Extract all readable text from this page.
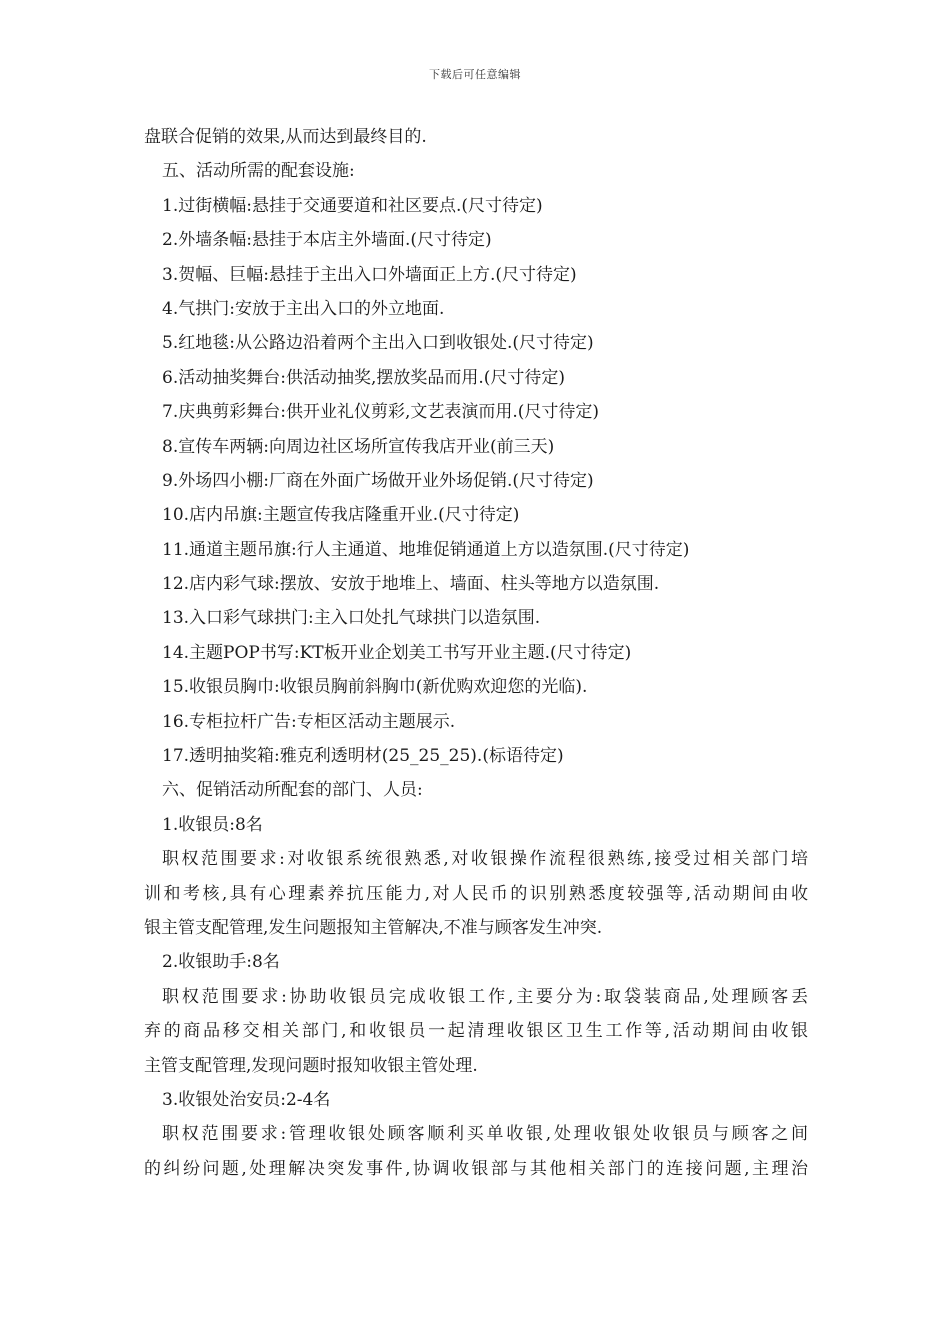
下载后可任意编辑
盘联合促销的效果,从而达到最终目的.
五、活动所需的配套设施:
1.过街横幅:悬挂于交通要道和社区要点.(尺寸待定)
2.外墙条幅:悬挂于本店主外墙面.(尺寸待定)
3.贺幅、巨幅:悬挂于主出入口外墙面正上方.(尺寸待定)
4.气拱门:安放于主出入口的外立地面.
5.红地毯:从公路边沿着两个主出入口到收银处.(尺寸待定)
6.活动抽奖舞台:供活动抽奖,摆放奖品而用.(尺寸待定)
7.庆典剪彩舞台:供开业礼仪剪彩,文艺表演而用.(尺寸待定)
8.宣传车两辆:向周边社区场所宣传我店开业(前三天)
9.外场四小棚:厂商在外面广场做开业外场促销.(尺寸待定)
10.店内吊旗:主题宣传我店隆重开业.(尺寸待定)
11.通道主题吊旗:行人主通道、地堆促销通道上方以造氛围.(尺寸待定)
12.店内彩气球:摆放、安放于地堆上、墙面、柱头等地方以造氛围.
13.入口彩气球拱门:主入口处扎气球拱门以造氛围.
14.主题POP书写:KT板开业企划美工书写开业主题.(尺寸待定)
15.收银员胸巾:收银员胸前斜胸巾(新优购欢迎您的光临).
16.专柜拉杆广告:专柜区活动主题展示.
17.透明抽奖箱:雅克利透明材(25_25_25).(标语待定)
六、促销活动所配套的部门、人员:
1.收银员:8名
职权范围要求:对收银系统很熟悉,对收银操作流程很熟练,接受过相关部门培
训和考核,具有心理素养抗压能力,对人民币的识别熟悉度较强等,活动期间由收
银主管支配管理,发生问题报知主管解决,不准与顾客发生冲突.
2.收银助手:8名
职权范围要求:协助收银员完成收银工作,主要分为:取袋装商品,处理顾客丢
弃的商品移交相关部门,和收银员一起清理收银区卫生工作等,活动期间由收银
主管支配管理,发现问题时报知收银主管处理.
3.收银处治安员:2-4名
职权范围要求:管理收银处顾客顺利买单收银,处理收银处收银员与顾客之间
的纠纷问题,处理解决突发事件,协调收银部与其他相关部门的连接问题,主理治
